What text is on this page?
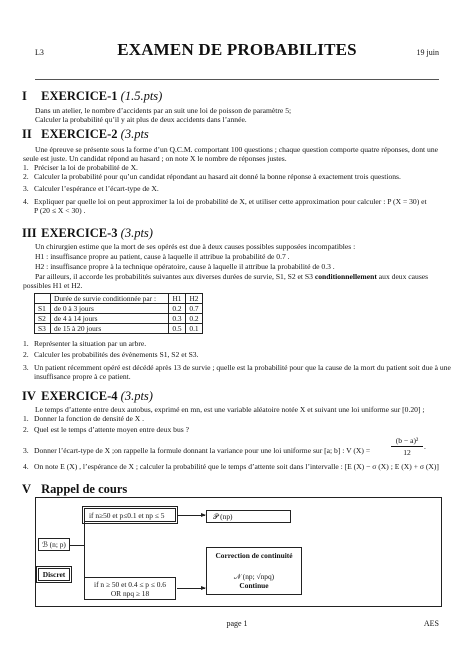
L3	EXAMEN DE PROBABILITES	19 juin
I EXERCICE-1 (1.5.pts)
Dans un atelier, le nombre d’accidents par an suit une loi de poisson de paramètre 5;
Calculer la probabilité qu’il y ait plus de deux accidents dans l’année.
II EXERCICE-2 (3.pts
Une épreuve se présente sous la forme d’un Q.C.M. comportant 100 questions ; chaque question comporte quatre réponses, dont une
seule est juste. Un candidat répond au hasard ; on note X le nombre de réponses justes.
1. Préciser la loi de probabilité de X.
2. Calculer la probabilité pour qu’un candidat répondant au hasard ait donné la bonne réponse à exactement trois questions.
3. Calculer l’espérance et l’écart-type de X.
4. Expliquer par quelle loi on peut approximer la loi de probabilité de X, et utiliser cette approximation pour calculer : P (X = 30) et
P (20 ≤ X < 30) .
III EXERCICE-3 (3.pts)
Un chirurgien estime que la mort de ses opérés est due à deux causes possibles supposées incompatibles :
H1 : insuffisance propre au patient, cause à laquelle il attribue la probabilité de 0.7 .
H2 : insuffisance propre à la technique opératoire, cause à laquelle il attribue la probabilité de 0.3 .
Par ailleurs, il accorde les probabilités suivantes aux diverses durées de survie, S1, S2 et S3 conditionnellement aux deux causes
possibles H1 et H2.
	Durée de survie conditionnée par :	H1	H2
S1	de 0 à 3 jours	0.2	0.7
S2	de 4 à 14 jours	0.3	0.2
S3	de 15 à 20 jours	0.5	0.1
1. Représenter la situation par un arbre.
2. Calculer les probabilités des évènements S1, S2 et S3.
3. Un patient récemment opéré est décédé après 13 de survie ; quelle est la probabilité pour que la cause de la mort du patient soit due à une
insuffisance propre à ce patient.
IV EXERCICE-4 (3.pts)
Le temps d’attente entre deux autobus, exprimé en mn, est une variable aléatoire notée X et suivant une loi uniforme sur [0.20] ;
1. Donner la fonction de densité de X .
2. Quel est le temps d’attente moyen entre deux bus ?
3. Donner l’écart-type de X ;on rappelle la formule donnant la variance pour une loi uniforme sur [a; b] : V (X) =
(b − a)²
12
.
4. On note E (X) , l’espérance de X ; calculer la probabilité que le temps d’attente soit dans l’intervalle : [E (X) − σ (X) ; E (X) + σ (X)]
V Rappel de cours
if n≥50 et p≤0.1 et np ≤ 5	𝒫 (np)
ℬ (n; p)
Discret
if n ≥ 50 et 0.4 ≤ p ≤ 0.6
OR npq ≥ 18
Correction de continuité
𝒩 (np; √npq)
Continue
page 1	AES
